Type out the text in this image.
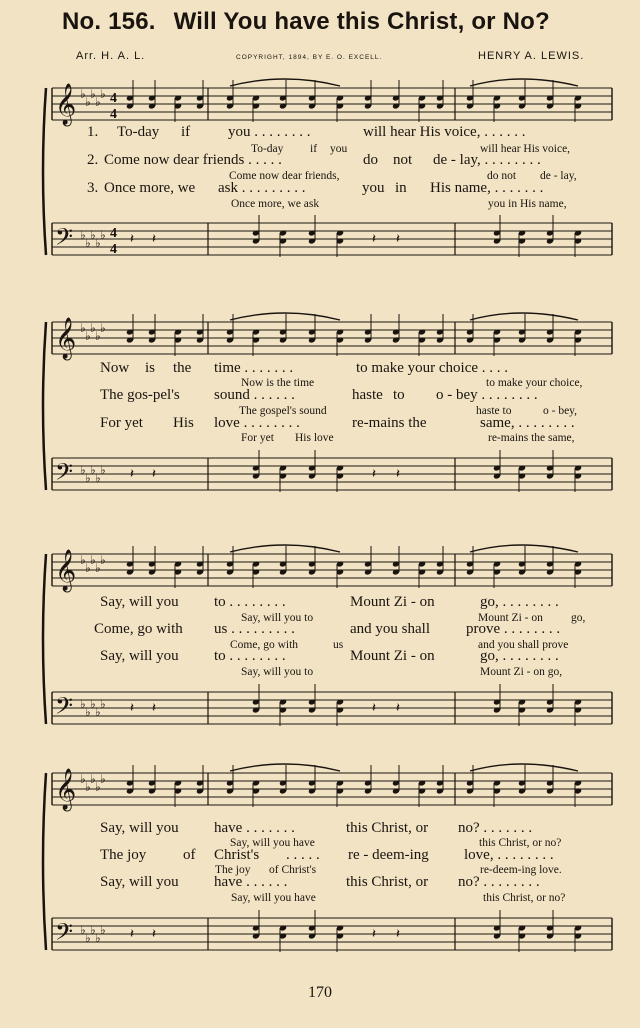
No. 156. Will You have this Christ, or No?
Arr. H. A. L.	COPYRIGHT, 1894, BY E. O. EXCELL.	HENRY A. LEWIS.
𝄽 𝄽	𝄽 𝄽
𝄞
𝄢
♭
♭
♭
♭
♭
♭
♭
♭
♭
♭
4
4
4
4
1. To-day if	you . . . . . . . .	will hear His voice, . . . . . .
2. Come now dear friends . . . . .	do not de - lay, . . . . . . . .
3. Once more, we ask . . . . . . . . .	you in His name, . . . . . . .
To-day if you	will hear His voice,
Come now dear friends,	do not de - lay,
Once more, we ask	you in His name,
𝄽 𝄽	𝄽 𝄽
𝄞
𝄢
♭
♭
♭
♭
♭
♭
♭
♭
♭
♭
Now is the time . . . . . . .	to make your choice . . . .
The gos-pel's sound . . . . . .	haste to o - bey . . . . . . . .
For yet His love . . . . . . . .	re-mains the	same, . . . . . . . .
Now is the time	to make your choice,
The gospel's sound	haste to	o - bey,
For yet His love	re-mains the same,
𝄽 𝄽	𝄽 𝄽
𝄞
𝄢
♭
♭
♭
♭
♭
♭
♭
♭
♭
♭
Say, will you to . . . . . . . .	Mount Zi - on	go, . . . . . . . .
Come, go with us . . . . . . . . .	and you shall prove . . . . . . . .
Say, will you to . . . . . . . .	Mount Zi - on	go, . . . . . . . .
Say, will you to	Mount Zi - on go,
Come, go with	us	and you shall prove
Say, will you to	Mount Zi - on go,
𝄽 𝄽	𝄽 𝄽
𝄞
𝄢
♭
♭
♭
♭
♭
♭
♭
♭
♭
♭
Say, will you have . . . . . . .	this Christ, or no? . . . . . . .
The joy of Christ's . . . . . re - deem-ing love, . . . . . . . .
Say, will you have . . . . . .	this Christ, or no? . . . . . . . .
Say, will you have	this Christ, or no?
The joy of Christ's	re-deem-ing love.
Say, will you have	this Christ, or no?
170
